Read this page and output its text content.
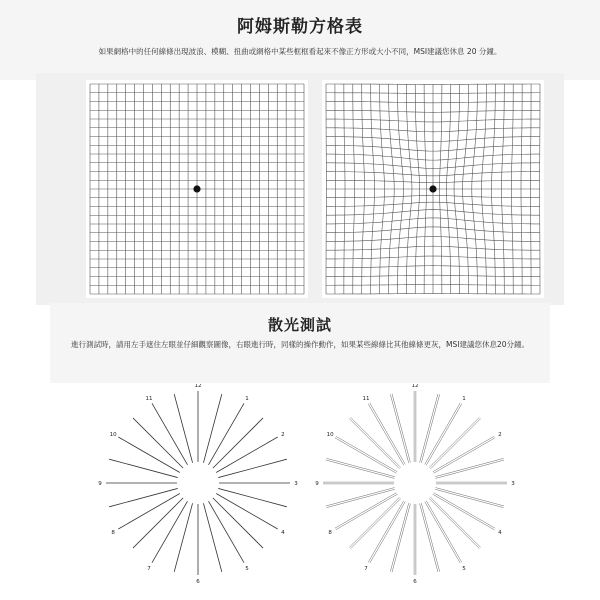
阿姆斯勒方格表

如果網格中的任何線條出現波浪、模糊、扭曲或網格中某些框框看起來不像正方形或大小不同，MSI建議您休息 20 分鐘。

散光測試

進行測試時，請用左手遮住左眼並仔細觀察圖像，右眼進行時，同樣的操作動作，如果某些線條比其他線條更灰，MSI建議您休息20分鐘。

12
1
2
3
4
5
6
7
8
9
10
11
12
1
2
3
4
5
6
7
8
9
10
11
